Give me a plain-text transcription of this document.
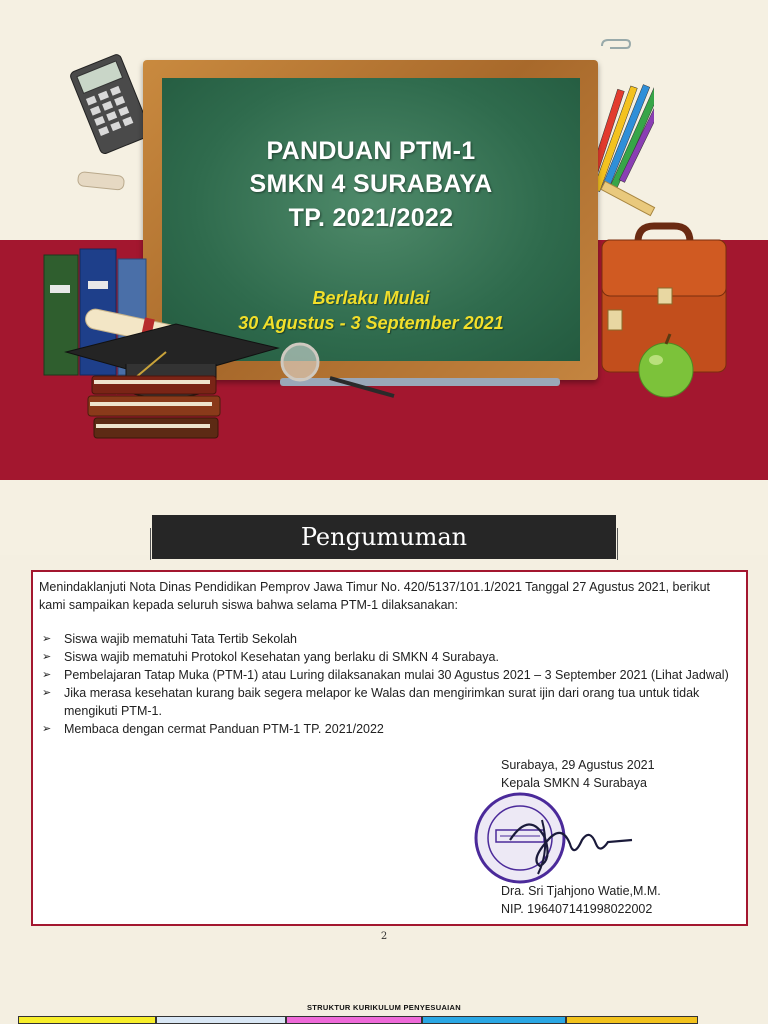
PANDUAN PTM-1
SMKN 4 SURABAYA
TP. 2021/2022
Berlaku Mulai
30 Agustus - 3 September 2021
Pengumuman
Menindaklanjuti Nota Dinas Pendidikan Pemprov Jawa Timur No. 420/5137/101.1/2021 Tanggal 27 Agustus 2021, berikut kami sampaikan kepada seluruh siswa bahwa selama PTM-1 dilaksanakan:
➢	Siswa wajib mematuhi Tata Tertib Sekolah
➢	Siswa wajib mematuhi Protokol Kesehatan yang berlaku di SMKN 4 Surabaya.
➢	Pembelajaran Tatap Muka (PTM-1) atau Luring dilaksanakan mulai 30 Agustus 2021 – 3 September 2021 (Lihat Jadwal)
➢	Jika merasa kesehatan kurang baik segera melapor ke Walas dan mengirimkan surat ijin dari orang tua untuk tidak mengikuti PTM-1.
➢	Membaca dengan cermat Panduan PTM-1 TP. 2021/2022
Surabaya, 29 Agustus 2021
Kepala SMKN 4 Surabaya
Dra. Sri Tjahjono Watie,M.M.
NIP. 196407141998022002
2
STRUKTUR KURIKULUM PENYESUAIAN
